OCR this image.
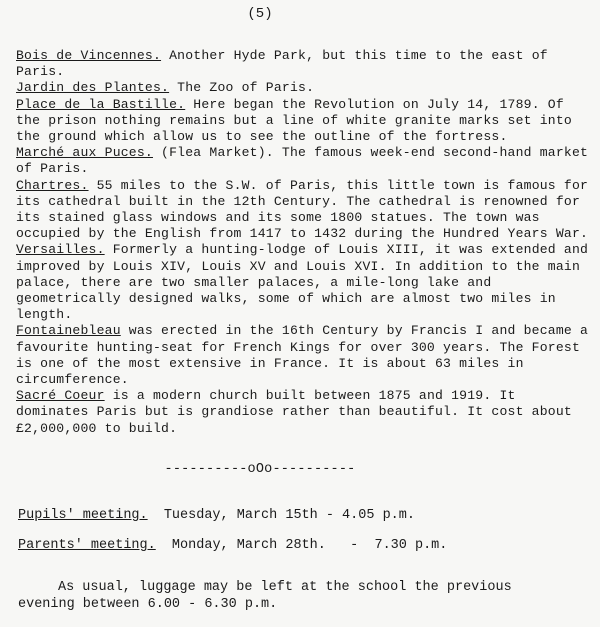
(5)

Bois de Vincennes. Another Hyde Park, but this time to the east of Paris.

Jardin des Plantes. The Zoo of Paris.

Place de la Bastille. Here began the Revolution on July 14, 1789. Of the prison nothing remains but a line of white granite marks set into the ground which allow us to see the outline of the fortress.

Marché aux Puces. (Flea Market). The famous week-end second-hand market of Paris.

Chartres. 55 miles to the S.W. of Paris, this little town is famous for its cathedral built in the 12th Century. The cathedral is renowned for its stained glass windows and its some 1800 statues. The town was occupied by the English from 1417 to 1432 during the Hundred Years War.

Versailles. Formerly a hunting-lodge of Louis XIII, it was extended and improved by Louis XIV, Louis XV and Louis XVI. In addition to the main palace, there are two smaller palaces, a mile-long lake and geometrically designed walks, some of which are almost two miles in length.

Fontainebleau was erected in the 16th Century by Francis I and became a favourite hunting-seat for French Kings for over 300 years. The Forest is one of the most extensive in France. It is about 63 miles in circumference.

Sacré Coeur is a modern church built between 1875 and 1919. It dominates Paris but is grandiose rather than beautiful. It cost about £2,000,000 to build.

----------oOo----------
Pupils' meeting.  Tuesday, March 15th - 4.05 p.m.
Parents' meeting.  Monday, March 28th.   -  7.30 p.m.
As usual, luggage may be left at the school the previous
evening between 6.00 - 6.30 p.m.
